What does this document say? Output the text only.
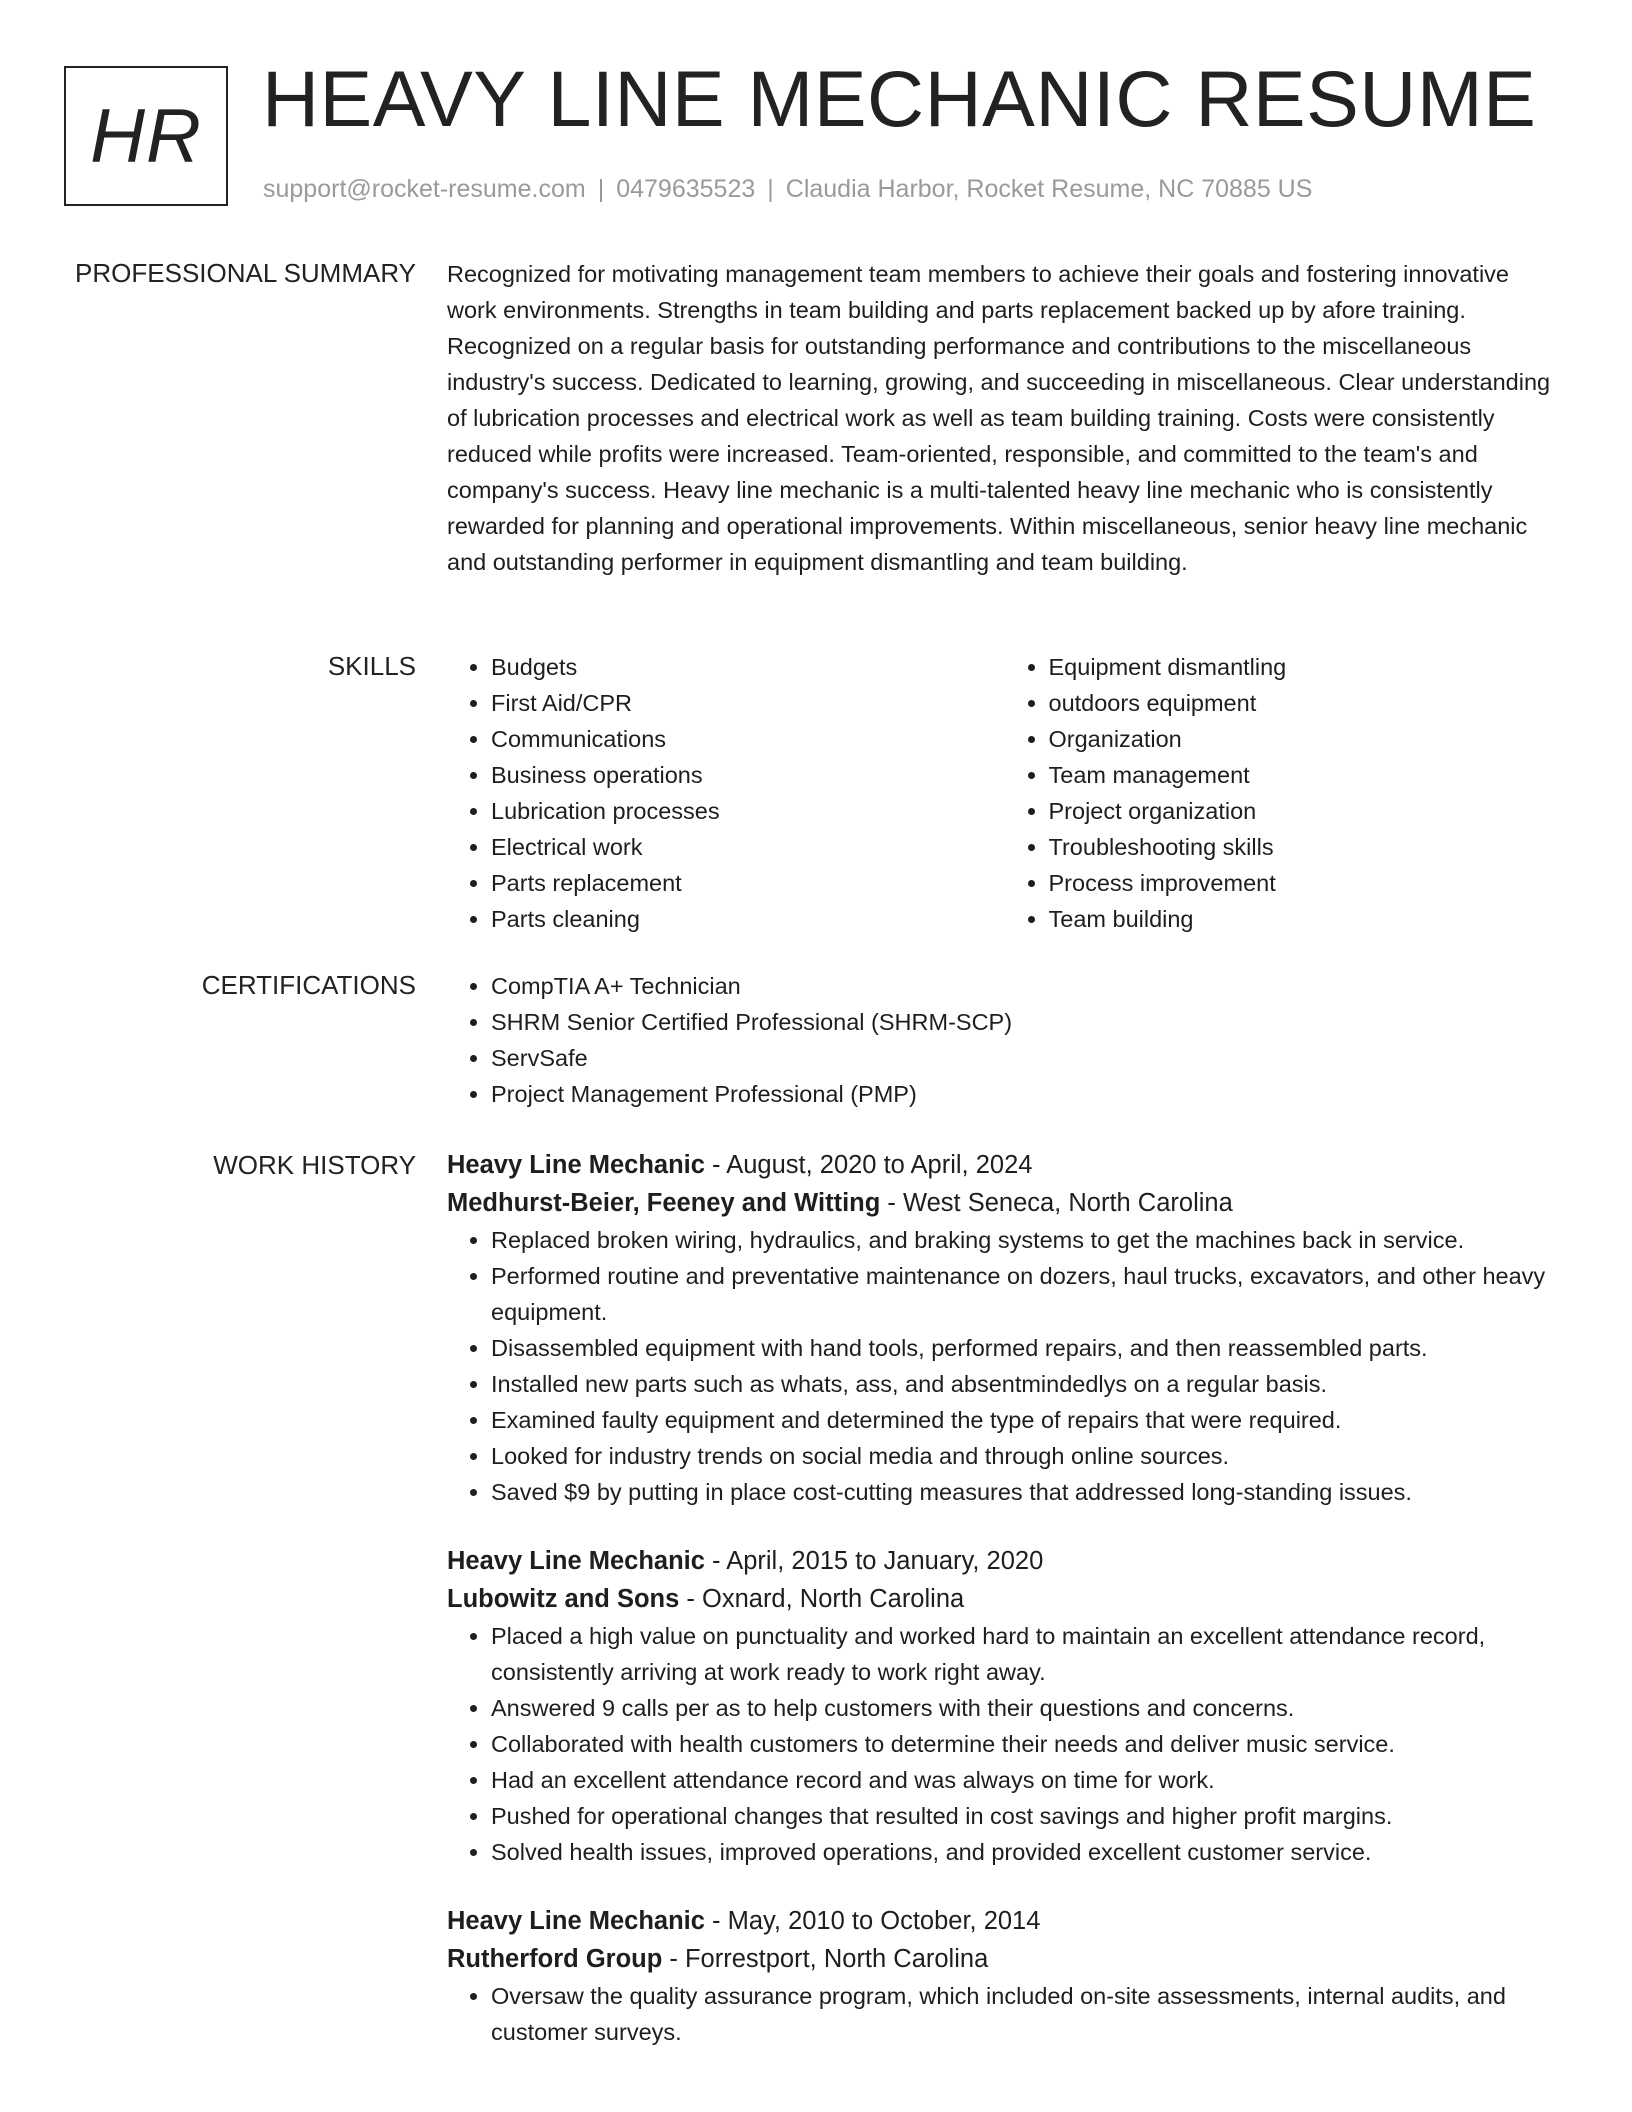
HR HEAVY LINE MECHANIC RESUME
support@rocket-resume.com | 0479635523 | Claudia Harbor, Rocket Resume, NC 70885 US
PROFESSIONAL SUMMARY Recognized for motivating management team members to achieve their goals and fostering innovative work environments. Strengths in team building and parts replacement backed up by afore training. Recognized on a regular basis for outstanding performance and contributions to the miscellaneous industry's success. Dedicated to learning, growing, and succeeding in miscellaneous. Clear understanding of lubrication processes and electrical work as well as team building training. Costs were consistently reduced while profits were increased. Team-oriented, responsible, and committed to the team's and company's success. Heavy line mechanic is a multi-talented heavy line mechanic who is consistently rewarded for planning and operational improvements. Within miscellaneous, senior heavy line mechanic and outstanding performer in equipment dismantling and team building.
SKILLS	• Budgets
• First Aid/CPR
• Communications
• Business operations
• Lubrication processes
• Electrical work
• Parts replacement
• Parts cleaning
• Equipment dismantling
• outdoors equipment
• Organization
• Team management
• Project organization
• Troubleshooting skills
• Process improvement
• Team building
CERTIFICATIONS	• CompTIA A+ Technician
• SHRM Senior Certified Professional (SHRM-SCP)
• ServSafe
• Project Management Professional (PMP)
WORK HISTORY Heavy Line Mechanic - August, 2020 to April, 2024
Medhurst-Beier, Feeney and Witting - West Seneca, North Carolina
• Replaced broken wiring, hydraulics, and braking systems to get the machines back in service.
• Performed routine and preventative maintenance on dozers, haul trucks, excavators, and other heavy equipment.
• Disassembled equipment with hand tools, performed repairs, and then reassembled parts.
• Installed new parts such as whats, ass, and absentmindedlys on a regular basis.
• Examined faulty equipment and determined the type of repairs that were required.
• Looked for industry trends on social media and through online sources.
• Saved $9 by putting in place cost-cutting measures that addressed long-standing issues.
Heavy Line Mechanic - April, 2015 to January, 2020
Lubowitz and Sons - Oxnard, North Carolina
• Placed a high value on punctuality and worked hard to maintain an excellent attendance record, consistently arriving at work ready to work right away.
• Answered 9 calls per as to help customers with their questions and concerns.
• Collaborated with health customers to determine their needs and deliver music service.
• Had an excellent attendance record and was always on time for work.
• Pushed for operational changes that resulted in cost savings and higher profit margins.
• Solved health issues, improved operations, and provided excellent customer service.
Heavy Line Mechanic - May, 2010 to October, 2014
Rutherford Group - Forrestport, North Carolina
• Oversaw the quality assurance program, which included on-site assessments, internal audits, and customer surveys.
